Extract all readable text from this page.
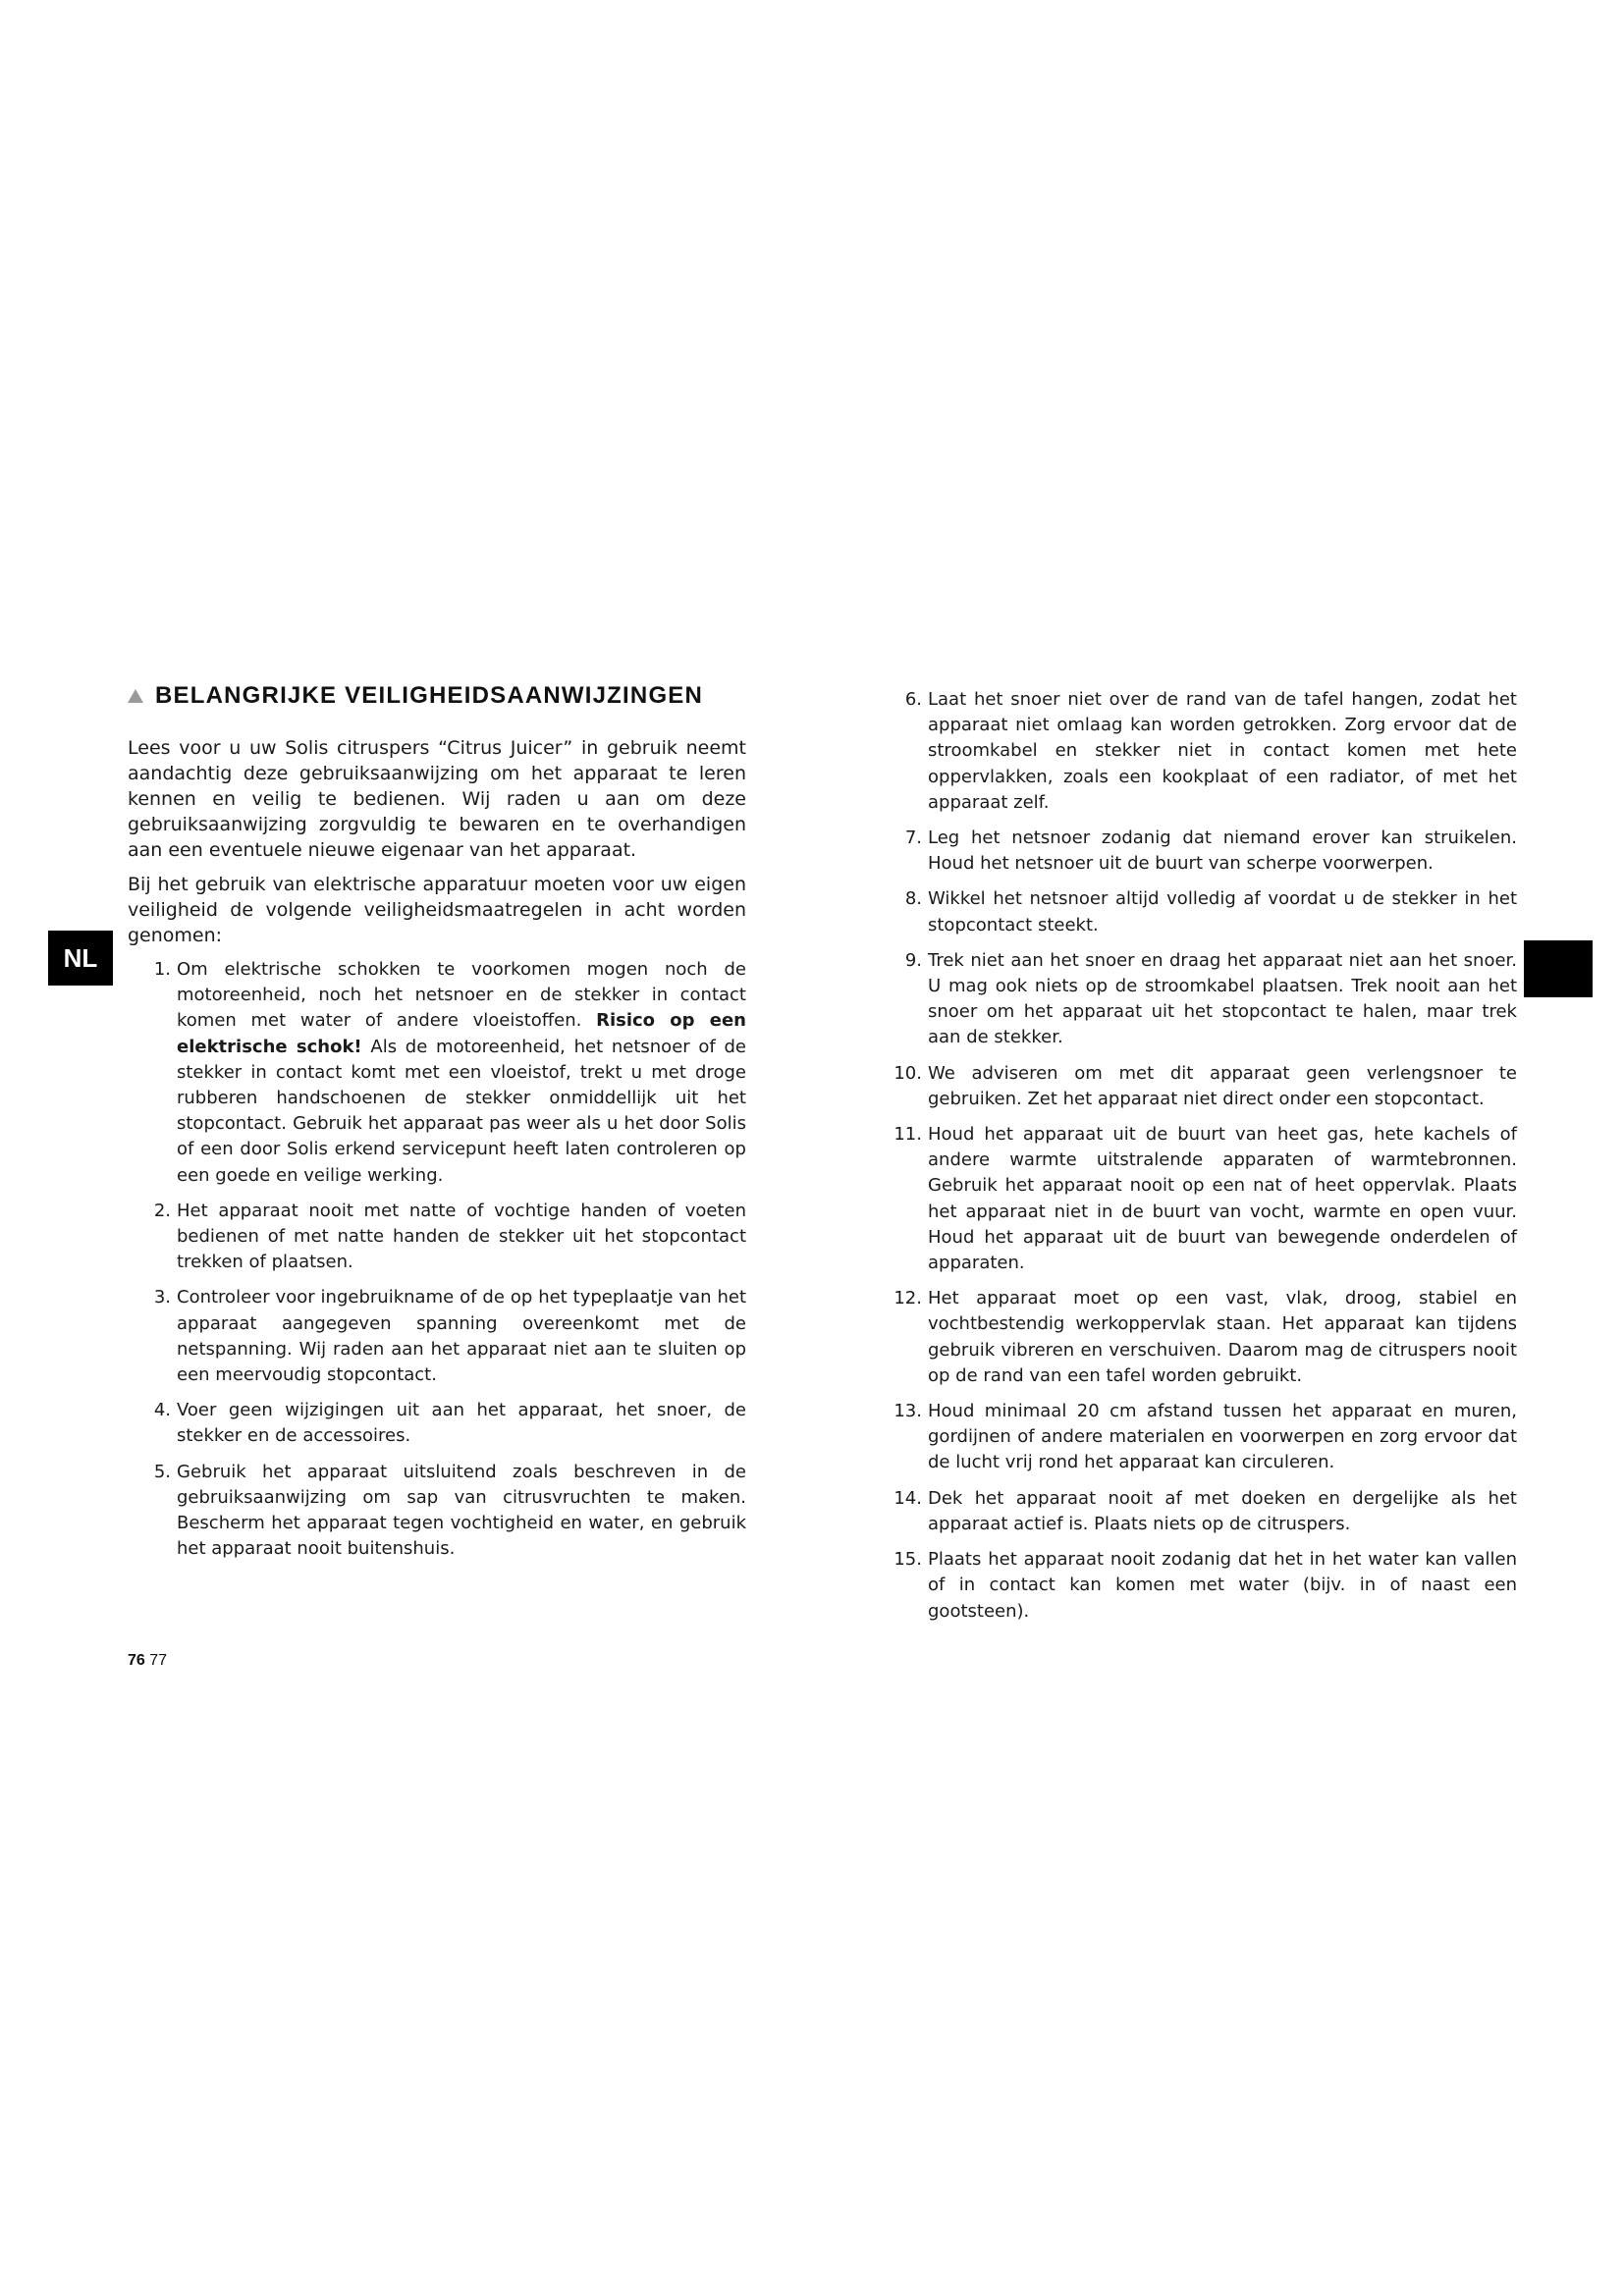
NL
BELANGRIJKE VEILIGHEIDSAANWIJZINGEN

Lees voor u uw Solis citruspers “Citrus Juicer” in gebruik neemt aandachtig deze gebruiksaanwijzing om het apparaat te leren kennen en veilig te bedienen. Wij raden u aan om deze gebruiksaanwijzing zorgvuldig te bewaren en te overhandigen aan een eventuele nieuwe eigenaar van het apparaat.

Bij het gebruik van elektrische apparatuur moeten voor uw eigen veiligheid de volgende veiligheidsmaatregelen in acht worden genomen:

1. Om elektrische schokken te voorkomen mogen noch de motoreenheid, noch het netsnoer en de stekker in contact komen met water of andere vloeistoffen. Risico op een elektrische schok! Als de motoreenheid, het netsnoer of de stekker in contact komt met een vloeistof, trekt u met droge rubberen handschoenen de stekker onmiddellijk uit het stopcontact. Gebruik het apparaat pas weer als u het door Solis of een door Solis erkend servicepunt heeft laten controleren op een goede en veilige werking.
2. Het apparaat nooit met natte of vochtige handen of voeten bedienen of met natte handen de stekker uit het stopcontact trekken of plaatsen.
3. Controleer voor ingebruikname of de op het typeplaatje van het apparaat aangegeven spanning overeenkomt met de netspanning. Wij raden aan het apparaat niet aan te sluiten op een meervoudig stopcontact.
4. Voer geen wijzigingen uit aan het apparaat, het snoer, de stekker en de accessoires.
5. Gebruik het apparaat uitsluitend zoals beschreven in de gebruiksaanwijzing om sap van citrusvruchten te maken. Bescherm het apparaat tegen vochtigheid en water, en gebruik het apparaat nooit buitenshuis.
6. Laat het snoer niet over de rand van de tafel hangen, zodat het apparaat niet omlaag kan worden getrokken. Zorg ervoor dat de stroomkabel en stekker niet in contact komen met hete oppervlakken, zoals een kookplaat of een radiator, of met het apparaat zelf.
7. Leg het netsnoer zodanig dat niemand erover kan struikelen. Houd het netsnoer uit de buurt van scherpe voorwerpen.
8. Wikkel het netsnoer altijd volledig af voordat u de stekker in het stopcontact steekt.
9. Trek niet aan het snoer en draag het apparaat niet aan het snoer. U mag ook niets op de stroomkabel plaatsen. Trek nooit aan het snoer om het apparaat uit het stopcontact te halen, maar trek aan de stekker.
10. We adviseren om met dit apparaat geen verlengsnoer te gebruiken. Zet het apparaat niet direct onder een stopcontact.
11. Houd het apparaat uit de buurt van heet gas, hete kachels of andere warmte uitstralende apparaten of warmtebronnen. Gebruik het apparaat nooit op een nat of heet oppervlak. Plaats het apparaat niet in de buurt van vocht, warmte en open vuur. Houd het apparaat uit de buurt van bewegende onderdelen of apparaten.
12. Het apparaat moet op een vast, vlak, droog, stabiel en vochtbestendig werkoppervlak staan. Het apparaat kan tijdens gebruik vibreren en verschuiven. Daarom mag de citruspers nooit op de rand van een tafel worden gebruikt.
13. Houd minimaal 20 cm afstand tussen het apparaat en muren, gordijnen of andere materialen en voorwerpen en zorg ervoor dat de lucht vrij rond het apparaat kan circuleren.
14. Dek het apparaat nooit af met doeken en dergelijke als het apparaat actief is. Plaats niets op de citruspers.
15. Plaats het apparaat nooit zodanig dat het in het water kan vallen of in contact kan komen met water (bijv. in of naast een gootsteen).
76 77
